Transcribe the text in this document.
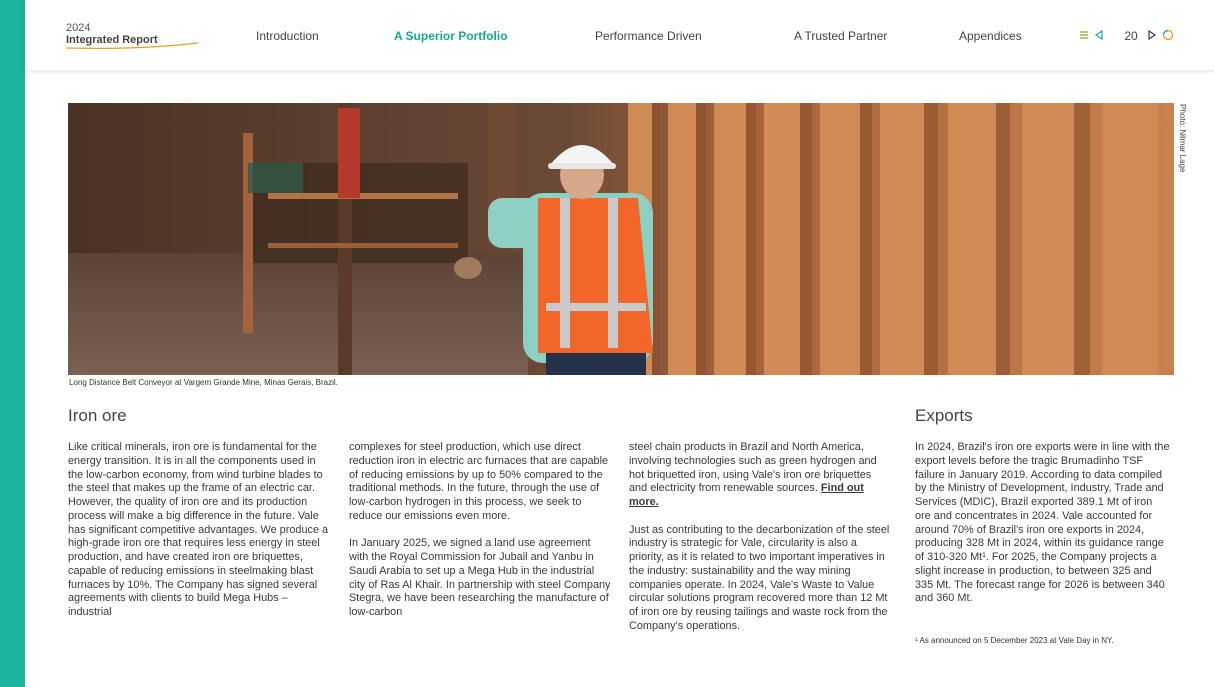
2024
Integrated Report	Introduction	A Superior Portfolio	Performance Driven	A Trusted Partner	Appendices	20
Photo: Nilmar Lage
Long Distance Belt Conveyor at Vargem Grande Mine, Minas Gerais, Brazil.
Iron ore

Like critical minerals, iron ore is fundamental for the energy transition. It is in all the components used in the low-carbon economy, from wind turbine blades to the steel that makes up the frame of an electric car. However, the quality of iron ore and its production process will make a big difference in the future. Vale has significant competitive advantages. We produce a high-grade iron ore that requires less energy in steel production, and have created iron ore briquettes, capable of reducing emissions in steelmaking blast furnaces by 10%. The Company has signed several agreements with clients to build Mega Hubs – industrial

complexes for steel production, which use direct reduction iron in electric arc furnaces that are capable of reducing emissions by up to 50% compared to the traditional methods. In the future, through the use of low-carbon hydrogen in this process, we seek to reduce our emissions even more.

In January 2025, we signed a land use agreement with the Royal Commission for Jubail and Yanbu in Saudi Arabia to set up a Mega Hub in the industrial city of Ras Al Khair. In partnership with steel Company Stegra, we have been researching the manufacture of low-carbon

steel chain products in Brazil and North America, involving technologies such as green hydrogen and hot briquetted iron, using Vale's iron ore briquettes and electricity from renewable sources. Find out more.

Just as contributing to the decarbonization of the steel industry is strategic for Vale, circularity is also a priority, as it is related to two important imperatives in the industry: sustainability and the way mining companies operate. In 2024, Vale's Waste to Value circular solutions program recovered more than 12 Mt of iron ore by reusing tailings and waste rock from the Company's operations.

Exports

In 2024, Brazil's iron ore exports were in line with the export levels before the tragic Brumadinho TSF failure in January 2019. According to data compiled by the Ministry of Development, Industry, Trade and Services (MDIC), Brazil exported 389.1 Mt of iron ore and concentrates in 2024. Vale accounted for around 70% of Brazil's iron ore exports in 2024, producing 328 Mt in 2024, within its guidance range of 310-320 Mt¹. For 2025, the Company projects a slight increase in production, to between 325 and 335 Mt. The forecast range for 2026 is between 340 and 360 Mt.

¹ As announced on 5 December 2023 at Vale Day in NY.
